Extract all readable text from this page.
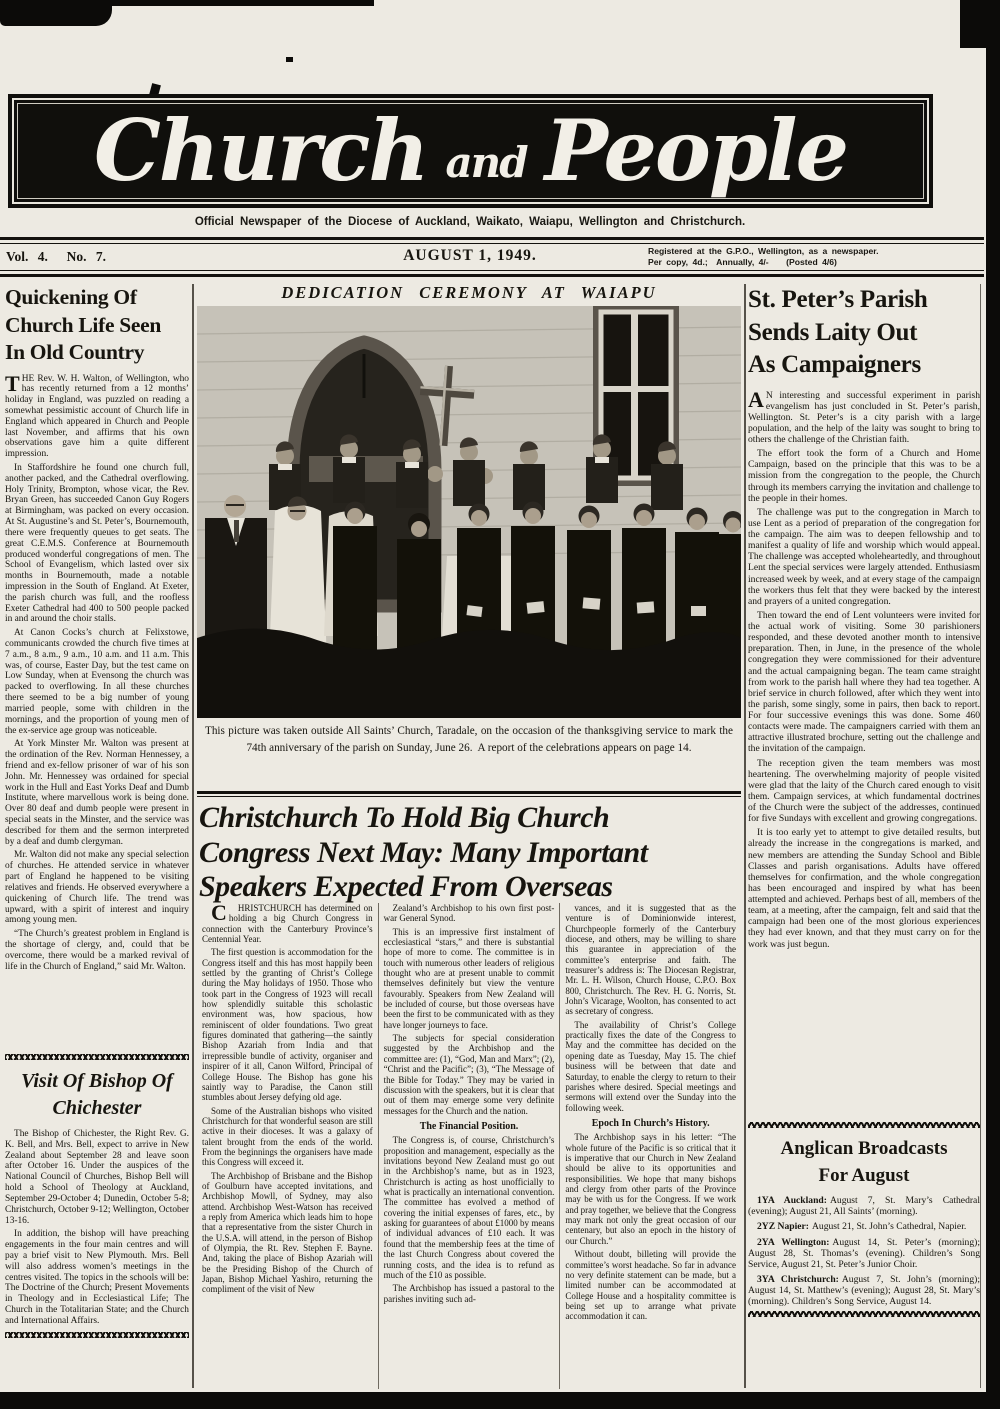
Church and People
Official Newspaper of the Diocese of Auckland, Waikato, Waiapu, Wellington and Christchurch.
Vol. 4.  No. 7.	AUGUST 1, 1949.	Registered at the G.P.O., Wellington, as a newspaper.
Per copy, 4d.;  Annually, 4/-    (Posted 4/6)
Quickening Of
Church Life Seen
In Old Country

THE Rev. W. H. Walton, of Wellington, who has recently returned from a 12 months’ holiday in England, was puzzled on reading a somewhat pessimistic account of Church life in England which appeared in Church and People last November, and affirms that his own observations gave him a quite different impression.

In Staffordshire he found one church full, another packed, and the Cathedral overflowing. Holy Trinity, Brompton, whose vicar, the Rev. Bryan Green, has succeeded Canon Guy Rogers at Birmingham, was packed on every occasion. At St. Augustine’s and St. Peter’s, Bournemouth, there were frequently queues to get seats. The great C.E.M.S. Conference at Bournemouth produced wonderful congregations of men. The School of Evangelism, which lasted over six months in Bournemouth, made a notable impression in the South of England. At Exeter, the parish church was full, and the roofless Exeter Cathedral had 400 to 500 people packed in and around the choir stalls.

At Canon Cocks’s church at Felixstowe, communicants crowded the church five times at 7 a.m., 8 a.m., 9 a.m., 10 a.m. and 11 a.m. This was, of course, Easter Day, but the test came on Low Sunday, when at Evensong the church was packed to overflowing. In all these churches there seemed to be a big number of young married people, some with children in the mornings, and the proportion of young men of the ex-service age group was noticeable.

At York Minster Mr. Walton was present at the ordination of the Rev. Norman Hennessey, a friend and ex-fellow prisoner of war of his son John. Mr. Hennessey was ordained for special work in the Hull and East Yorks Deaf and Dumb Institute, where marvellous work is being done. Over 80 deaf and dumb people were present in special seats in the Minster, and the service was described for them and the sermon interpreted by a deaf and dumb clergyman.

Mr. Walton did not make any special selection of churches. He attended service in whatever part of England he happened to be visiting relatives and friends. He observed everywhere a quickening of Church life. The trend was upward, with a spirit of interest and inquiry among young men.

“The Church’s greatest problem in England is the shortage of clergy, and, could that be overcome, there would be a marked revival of life in the Church of England,” said Mr. Walton.

Visit Of Bishop Of
Chichester

The Bishop of Chichester, the Right Rev. G. K. Bell, and Mrs. Bell, expect to arrive in New Zealand about September 28 and leave soon after October 16. Under the auspices of the National Council of Churches, Bishop Bell will hold a School of Theology at Auckland, September 29-October 4; Dunedin, October 5-8; Christchurch, October 9-12; Wellington, October 13-16.

In addition, the bishop will have preaching engagements in the four main centres and will pay a brief visit to New Plymouth. Mrs. Bell will also address women’s meetings in the centres visited. The topics in the schools will be: The Doctrine of the Church; Present Movements in Theology and in Ecclesiastical Life; The Church in the Totalitarian State; and the Church and International Affairs.

DEDICATION CEREMONY AT WAIAPU
This picture was taken outside All Saints’ Church, Taradale, on the occasion of the thanksgiving service to mark the 74th anniversary of the parish on Sunday, June 26.  A report of the celebrations appears on page 14.
Christchurch To Hold Big Church
Congress Next May: Many Important
Speakers Expected From Overseas

C HRISTCHURCH has determined on holding a big Church Congress in connection with the Canterbury Province’s Centennial Year.

The first question is accommodation for the Congress itself and this has most happily been settled by the granting of Christ’s College during the May holidays of 1950. Those who took part in the Congress of 1923 will recall how splendidly suitable this scholastic environment was, how spacious, how reminiscent of older foundations. Two great figures dominated that gathering—the saintly Bishop Azariah from India and that irrepressible bundle of activity, organiser and inspirer of it all, Canon Wilford, Principal of College House. The Bishop has gone his saintly way to Paradise, the Canon still stumbles about Jersey defying old age.

Some of the Australian bishops who visited Christchurch for that wonderful season are still active in their dioceses. It was a galaxy of talent brought from the ends of the world. From the beginnings the organisers have made this Congress will exceed it.

The Archbishop of Brisbane and the Bishop of Goulburn have accepted invitations, and Archbishop Mowll, of Sydney, may also attend. Archbishop West-Watson has received a reply from America which leads him to hope that a representative from the sister Church in the U.S.A. will attend, in the person of Bishop of Olympia, the Rt. Rev. Stephen F. Bayne. And, taking the place of Bishop Azariah will be the Presiding Bishop of the Church of Japan, Bishop Michael Yashiro, returning the compliment of the visit of New

Zealand’s Archbishop to his own first post-war General Synod.

This is an impressive first instalment of ecclesiastical “stars,” and there is substantial hope of more to come. The committee is in touch with numerous other leaders of religious thought who are at present unable to commit themselves definitely but view the venture favourably. Speakers from New Zealand will be included of course, but those overseas have been the first to be communicated with as they have longer journeys to face.

The subjects for special consideration suggested by the Archbishop and the committee are: (1), “God, Man and Marx”; (2), “Christ and the Pacific”; (3), “The Message of the Bible for Today.” They may be varied in discussion with the speakers, but it is clear that out of them may emerge some very definite messages for the Church and the nation.

The Financial Position.

The Congress is, of course, Christchurch’s proposition and management, especially as the invitations beyond New Zealand must go out in the Archbishop’s name, but as in 1923, Christchurch is acting as host unofficially to what is practically an international convention. The committee has evolved a method of covering the initial expenses of fares, etc., by asking for guarantees of about £1000 by means of individual advances of £10 each. It was found that the membership fees at the time of the last Church Congress about covered the running costs, and the idea is to refund as much of the £10 as possible.

The Archbishop has issued a pastoral to the parishes inviting such ad-

vances, and it is suggested that as the venture is of Dominionwide interest, Churchpeople formerly of the Canterbury diocese, and others, may be willing to share this guarantee in appreciation of the committee’s enterprise and faith. The treasurer’s address is: The Diocesan Registrar, Mr. L. H. Wilson, Church House, C.P.O. Box 800, Christchurch. The Rev. H. G. Norris, St. John’s Vicarage, Woolton, has consented to act as secretary of congress.

The availability of Christ’s College practically fixes the date of the Congress to May and the committee has decided on the opening date as Tuesday, May 15. The chief business will be between that date and Saturday, to enable the clergy to return to their parishes where desired. Special meetings and sermons will extend over the Sunday into the following week.

Epoch In Church’s History.

The Archbishop says in his letter: “The whole future of the Pacific is so critical that it is imperative that our Church in New Zealand should be alive to its opportunities and responsibilities. We hope that many bishops and clergy from other parts of the Province may be with us for the Congress. If we work and pray together, we believe that the Congress may mark not only the great occasion of our centenary, but also an epoch in the history of our Church.”

Without doubt, billeting will provide the committee’s worst headache. So far in advance no very definite statement can be made, but a limited number can be accommodated at College House and a hospitality committee is being set up to arrange what private accommodation it can.

St. Peter’s Parish
Sends Laity Out
As Campaigners

A N interesting and successful experiment in parish evangelism has just concluded in St. Peter’s parish, Wellington. St. Peter’s is a city parish with a large population, and the help of the laity was sought to bring to others the challenge of the Christian faith.

The effort took the form of a Church and Home Campaign, based on the principle that this was to be a mission from the congregation to the people, the Church through its members carrying the invitation and challenge to the people in their homes.

The challenge was put to the congregation in March to use Lent as a period of preparation of the congregation for the campaign. The aim was to deepen fellowship and to manifest a quality of life and worship which would appeal. The challenge was accepted wholeheartedly, and throughout Lent the special services were largely attended. Enthusiasm increased week by week, and at every stage of the campaign the workers thus felt that they were backed by the interest and prayers of a united congregation.

Then toward the end of Lent volunteers were invited for the actual work of visiting. Some 30 parishioners responded, and these devoted another month to intensive preparation. Then, in June, in the presence of the whole congregation they were commissioned for their adventure and the actual campaigning began. The team came straight from work to the parish hall where they had tea together. A brief service in church followed, after which they went into the parish, some singly, some in pairs, then back to report. For four successive evenings this was done. Some 460 contacts were made. The campaigners carried with them an attractive illustrated brochure, setting out the challenge and the invitation of the campaign.

The reception given the team members was most heartening. The overwhelming majority of people visited were glad that the laity of the Church cared enough to visit them. Campaign services, at which fundamental doctrines of the Church were the subject of the addresses, continued for five Sundays with excellent and growing congregations.

It is too early yet to attempt to give detailed results, but already the increase in the congregations is marked, and new members are attending the Sunday School and Bible Classes and parish organisations. Adults have offered themselves for confirmation, and the whole congregation has been encouraged and inspired by what has been attempted and achieved. Perhaps best of all, members of the team, at a meeting, after the campaign, felt and said that the campaign had been one of the most glorious experiences they had ever known, and that they must carry on for the work was just begun.

Anglican Broadcasts
For August

1YA Auckland: August 7, St. Mary’s Cathedral (evening); August 21, All Saints’ (morning).

2YZ Napier: August 21, St. John’s Cathedral, Napier.

2YA Wellington: August 14, St. Peter’s (morning); August 28, St. Thomas’s (evening). Children’s Song Service, August 21, St. Peter’s Junior Choir.

3YA Christchurch: August 7, St. John’s (morning); August 14, St. Matthew’s (evening); August 28, St. Mary’s (morning). Children’s Song Service, August 14.
